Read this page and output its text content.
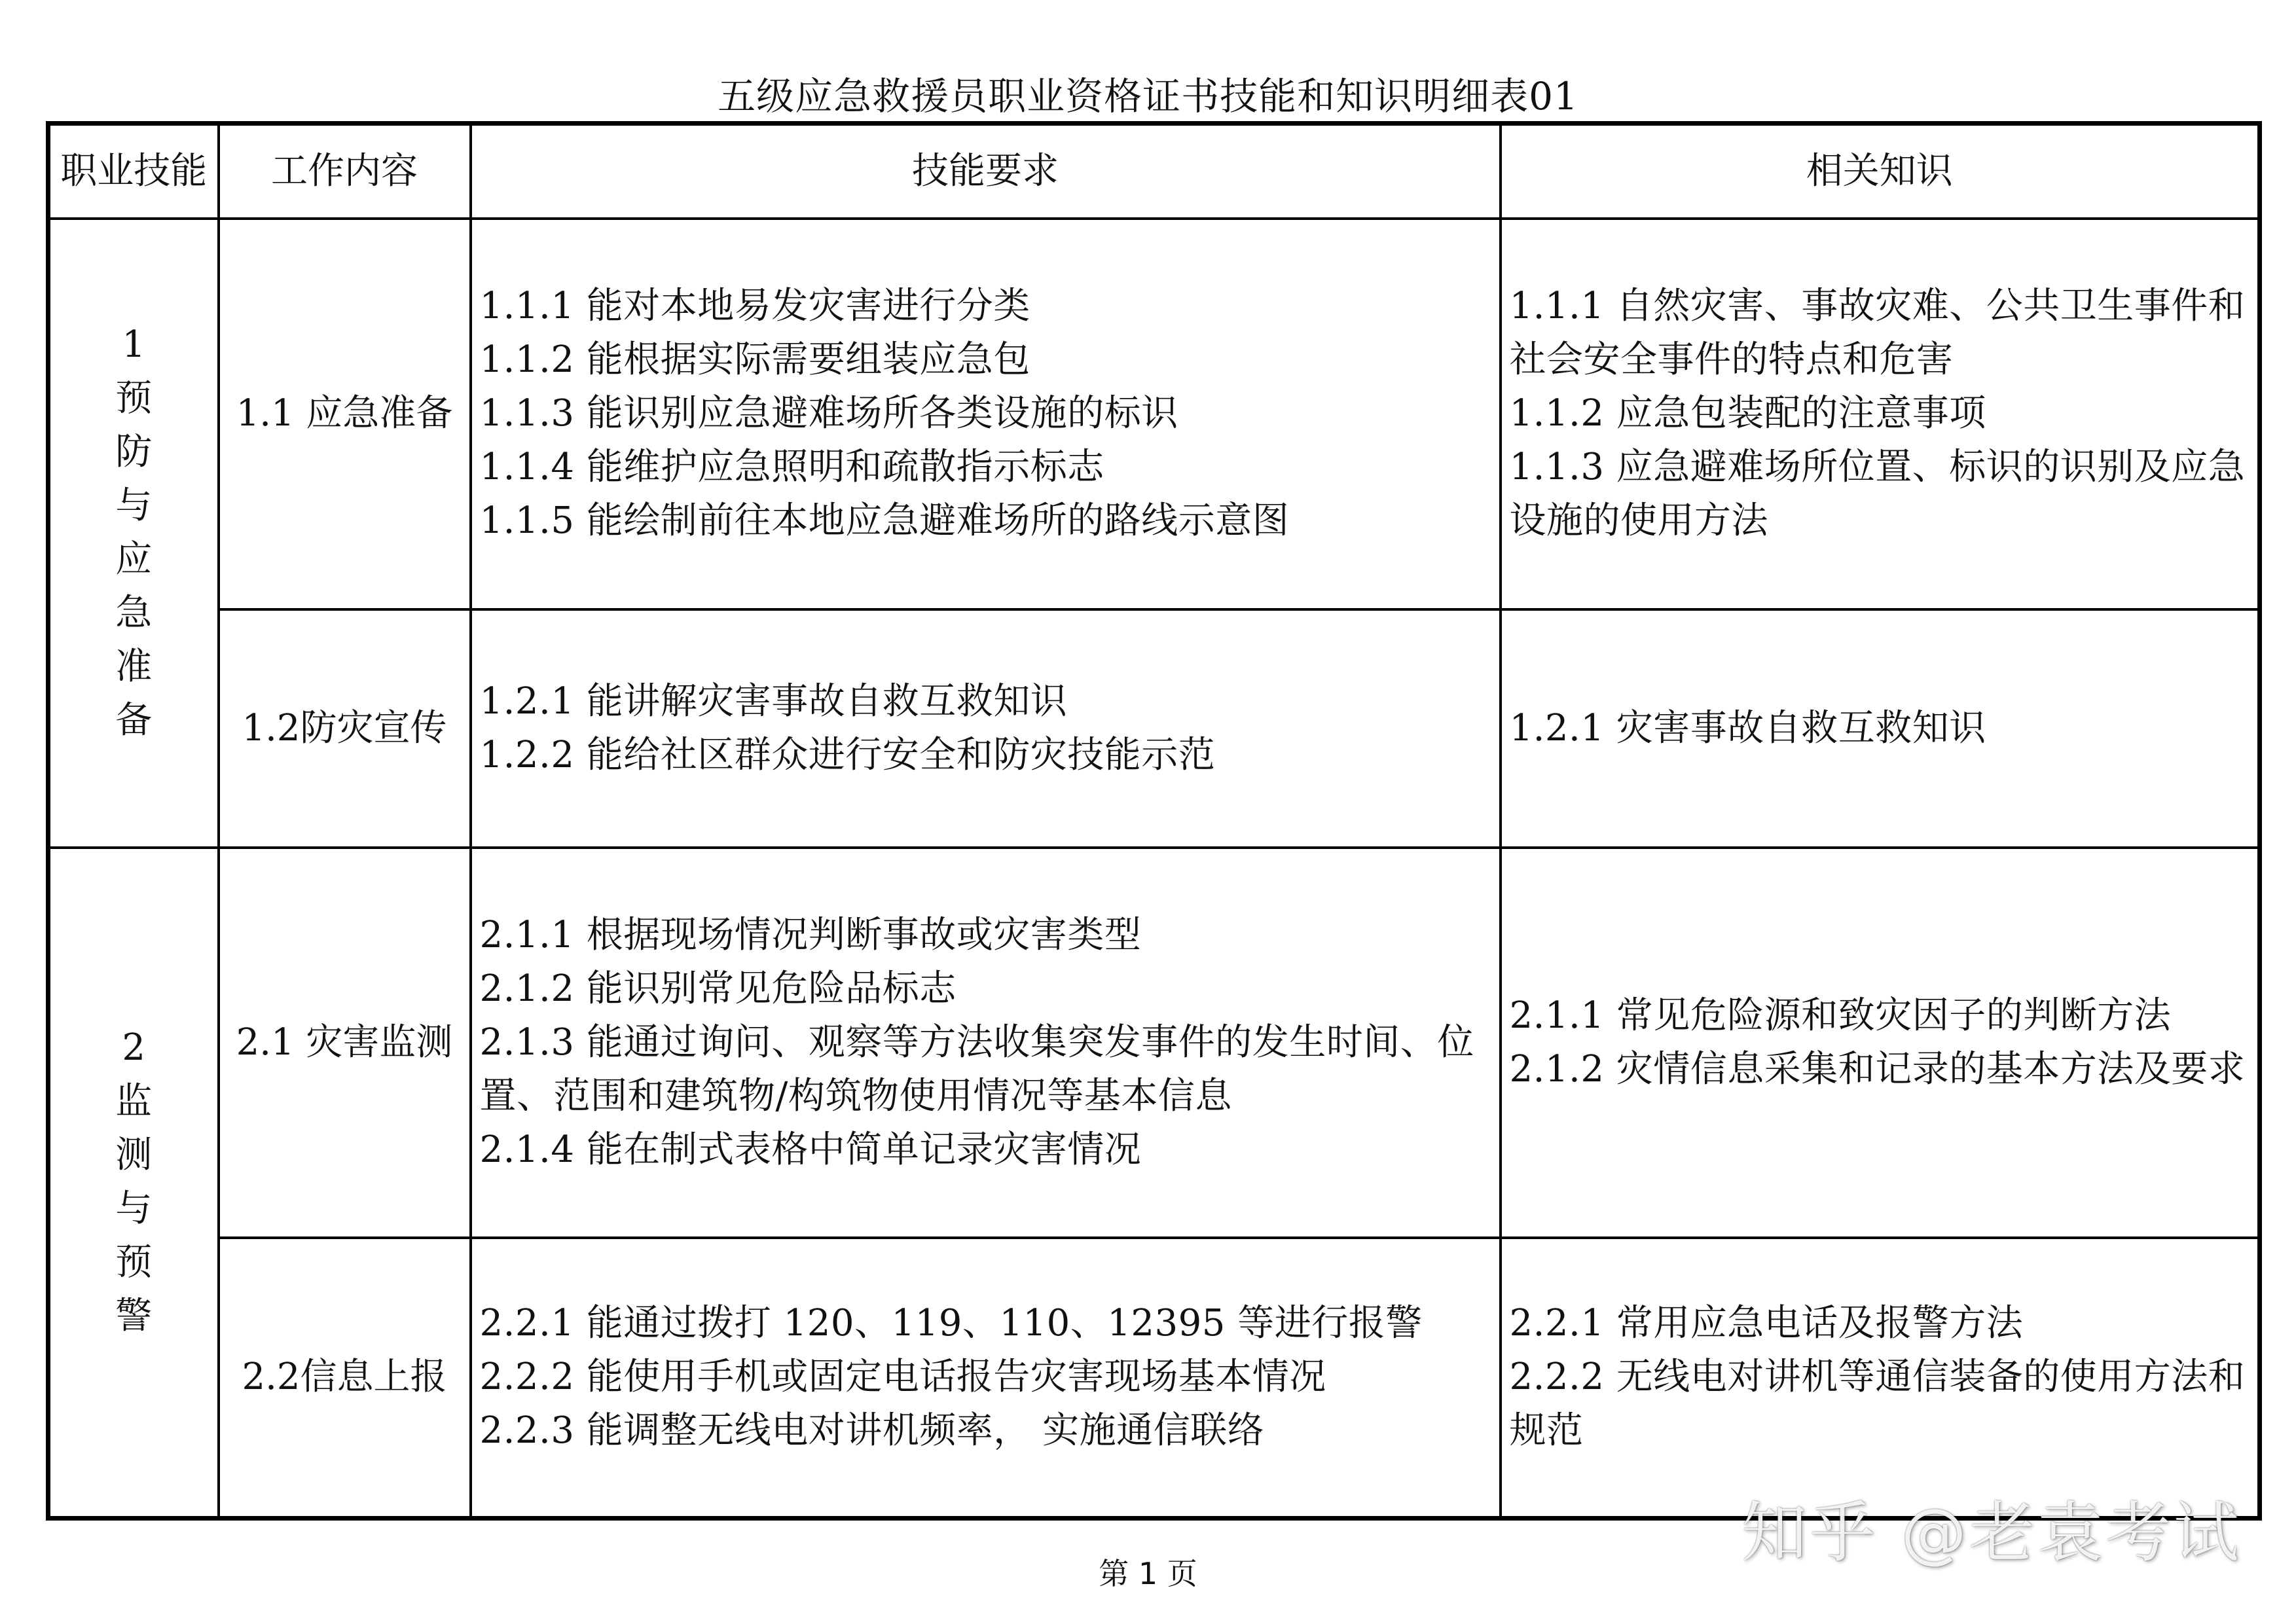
五级应急救援员职业资格证书技能和知识明细表01
职业技能	工作内容	技能要求	相关知识
1预防与应急准备	1.1 应急准备	1.1.1 能对本地易发灾害进行分类
1.1.2 能根据实际需要组装应急包
1.1.3 能识别应急避难场所各类设施的标识
1.1.4 能维护应急照明和疏散指示标志
1.1.5 能绘制前往本地应急避难场所的路线示意图	1.1.1 自然灾害、事故灾难、公共卫生事件和社会安全事件的特点和危害
1.1.2 应急包装配的注意事项
1.1.3 应急避难场所位置、标识的识别及应急设施的使用方法

	1.2防灾宣传	1.2.1 能讲解灾害事故自救互救知识
1.2.2 能给社区群众进行安全和防灾技能示范	1.2.1 灾害事故自救互救知识

2监测与预警	2.1 灾害监测	2.1.1 根据现场情况判断事故或灾害类型
2.1.2 能识别常见危险品标志
2.1.3 能通过询问、观察等方法收集突发事件的发生时间、位置、范围和建筑物/构筑物使用情况等基本信息
2.1.4 能在制式表格中简单记录灾害情况	2.1.1 常见危险源和致灾因子的判断方法
2.1.2 灾情信息采集和记录的基本方法及要求

	2.2信息上报	2.2.1 能通过拨打 120、119、110、12395 等进行报警
2.2.2 能使用手机或固定电话报告灾害现场基本情况
2.2.3 能调整无线电对讲机频率， 实施通信联络	2.2.1 常用应急电话及报警方法
2.2.2 无线电对讲机等通信装备的使用方法和规范
知乎 @老袁考试
第 1 页
